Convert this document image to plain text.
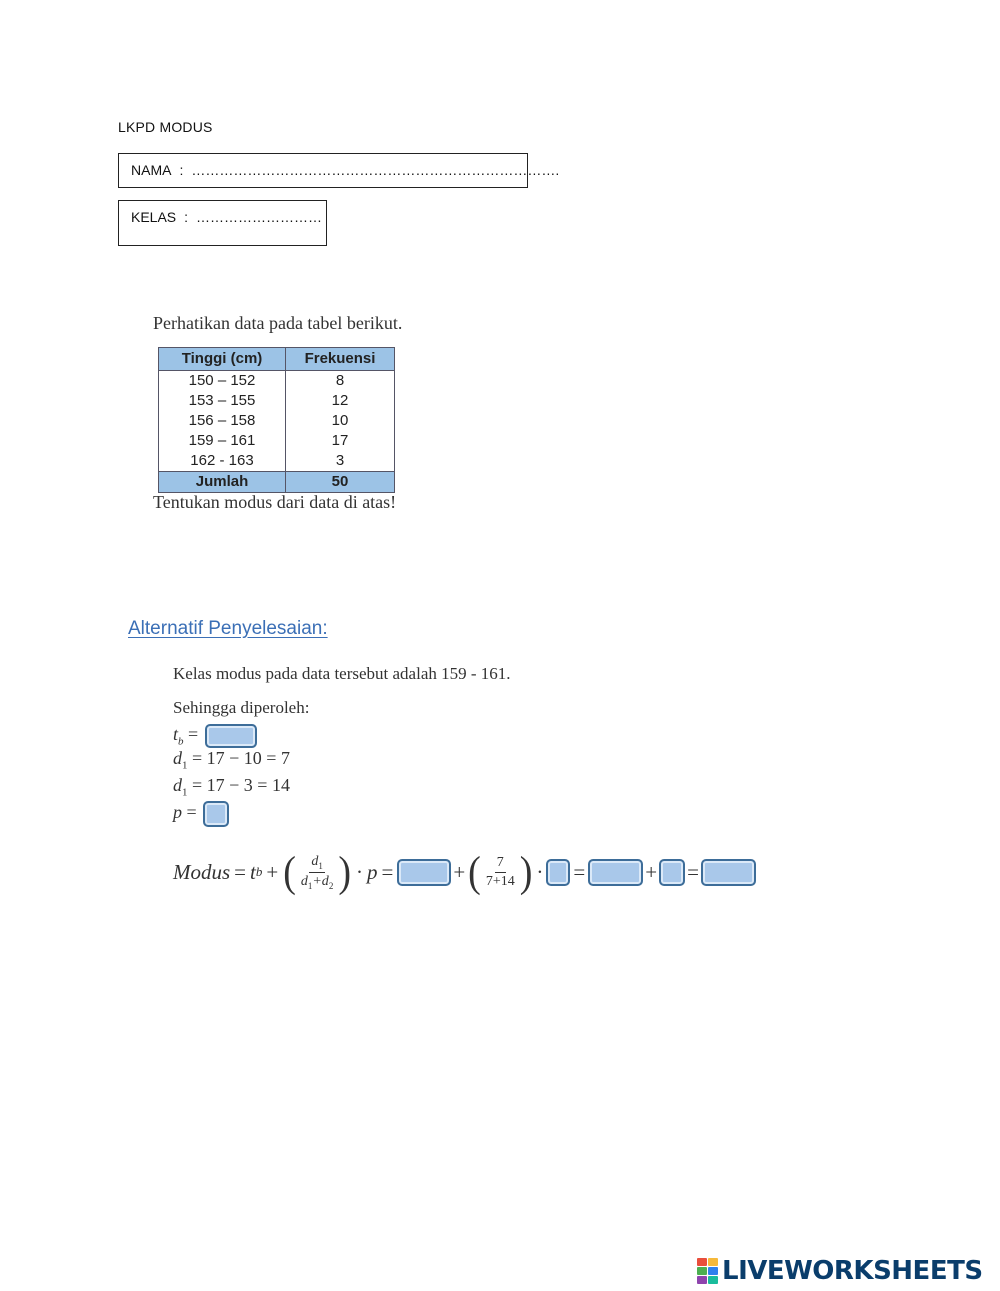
LKPD MODUS
NAMA : …………………………………………………………………….
KELAS : ………………………
Perhatikan data pada tabel berikut.
Tinggi (cm)	Frekuensi
150 – 152	8
153 – 155	12
156 – 158	10
159 – 161	17
162 - 163	3
Jumlah	50
Tentukan modus dari data di atas!
Alternatif Penyelesaian:
Kelas modus pada data tersebut adalah 159 - 161.
Sehingga diperoleh:
$t_b$ =
$d_1 = 17 - 10 = 7$
$d_1 = 17 - 3 = 14$
p =
Modus = t b + ( $\frac{d_1}{d_1+d_2}$ ) · p =	+ ( $\frac{7}{7+14}$ ) · =	+ =
LIVEWORKSHEETS
